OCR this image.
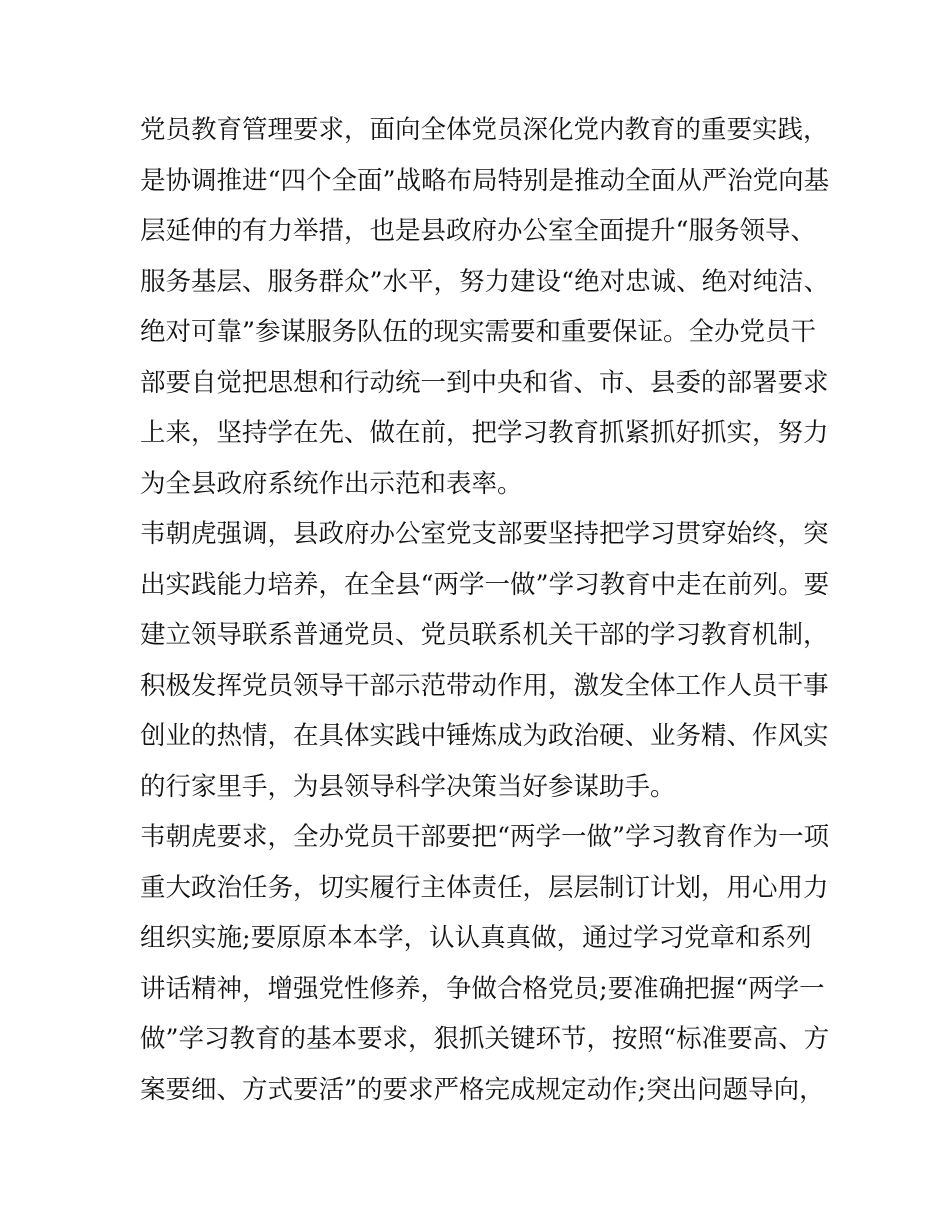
党员教育管理要求，面向全体党员深化党内教育的重要实践，
是协调推进“四个全面”战略布局特别是推动全面从严治党向基
层延伸的有力举措，也是县政府办公室全面提升“服务领导、
服务基层、服务群众”水平，努力建设“绝对忠诚、绝对纯洁、
绝对可靠”参谋服务队伍的现实需要和重要保证。全办党员干
部要自觉把思想和行动统一到中央和省、市、县委的部署要求
上来，坚持学在先、做在前，把学习教育抓紧抓好抓实，努力
为全县政府系统作出示范和表率。
韦朝虎强调，县政府办公室党支部要坚持把学习贯穿始终，突
出实践能力培养，在全县“两学一做”学习教育中走在前列。要
建立领导联系普通党员、党员联系机关干部的学习教育机制，
积极发挥党员领导干部示范带动作用，激发全体工作人员干事
创业的热情，在具体实践中锤炼成为政治硬、业务精、作风实
的行家里手，为县领导科学决策当好参谋助手。
韦朝虎要求，全办党员干部要把“两学一做”学习教育作为一项
重大政治任务，切实履行主体责任，层层制订计划，用心用力
组织实施;要原原本本学，认认真真做，通过学习党章和系列
讲话精神，增强党性修养，争做合格党员;要准确把握“两学一
做”学习教育的基本要求，狠抓关键环节，按照“标准要高、方
案要细、方式要活”的要求严格完成规定动作;突出问题导向，
